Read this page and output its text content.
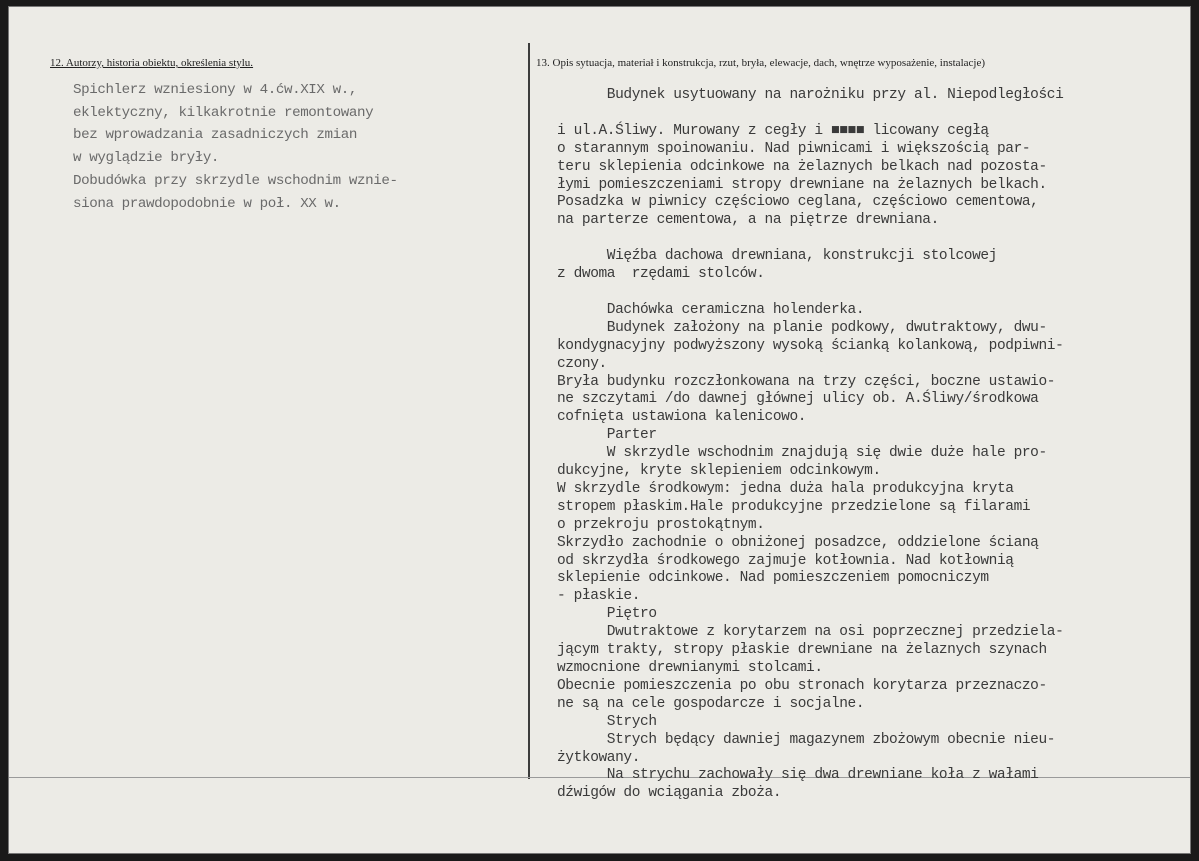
12. Autorzy, historia obiektu, określenia stylu.
Spichlerz wzniesiony w 4.ćw.XIX w.,
eklektyczny, kilkakrotnie remontowany
bez wprowadzania zasadniczych zmian
w wyglądzie bryły.
Dobudówka przy skrzydle wschodnim wznie-
siona prawdopodobnie w poł. XX w.
13. Opis sytuacja, materiał i konstrukcja, rzut, bryła, elewacje, dach, wnętrze wyposażenie, instalacje)
Budynek usytuowany na narożniku przy al. Niepodległości

i ul.A.Śliwy. Murowany z cegły i ■■■■ licowany cegłą
o starannym spoinowaniu. Nad piwnicami i większością par-
teru sklepienia odcinkowe na żelaznych belkach nad pozosta-
łymi pomieszczeniami stropy drewniane na żelaznych belkach.
Posadzka w piwnicy częściowo ceglana, częściowo cementowa,
na parterze cementowa, a na piętrze drewniana.

Więźba dachowa drewniana, konstrukcji stolcowej
z dwoma  rzędami stolców.

Dachówka ceramiczna holenderka.
Budynek założony na planie podkowy, dwutraktowy, dwu-
kondygnacyjny podwyższony wysoką ścianką kolankową, podpiwni-
czony.
Bryła budynku rozczłonkowana na trzy części, boczne ustawio-
ne szczytami /do dawnej głównej ulicy ob. A.Śliwy/środkowa
cofnięta ustawiona kalenicowo.
Parter
W skrzydle wschodnim znajdują się dwie duże hale pro-
dukcyjne, kryte sklepieniem odcinkowym.
W skrzydle środkowym: jedna duża hala produkcyjna kryta
stropem płaskim.Hale produkcyjne przedzielone są filarami
o przekroju prostokątnym.
Skrzydło zachodnie o obniżonej posadzce, oddzielone ścianą
od skrzydła środkowego zajmuje kotłownia. Nad kotłownią
sklepienie odcinkowe. Nad pomieszczeniem pomocniczym
- płaskie.
Piętro
Dwutraktowe z korytarzem na osi poprzecznej przedziela-
jącym trakty, stropy płaskie drewniane na żelaznych szynach
wzmocnione drewnianymi stolcami.
Obecnie pomieszczenia po obu stronach korytarza przeznaczo-
ne są na cele gospodarcze i socjalne.
Strych
Strych będący dawniej magazynem zbożowym obecnie nieu-
żytkowany.
Na strychu zachowały się dwa drewniane koła z wałami
dźwigów do wciągania zboża.
